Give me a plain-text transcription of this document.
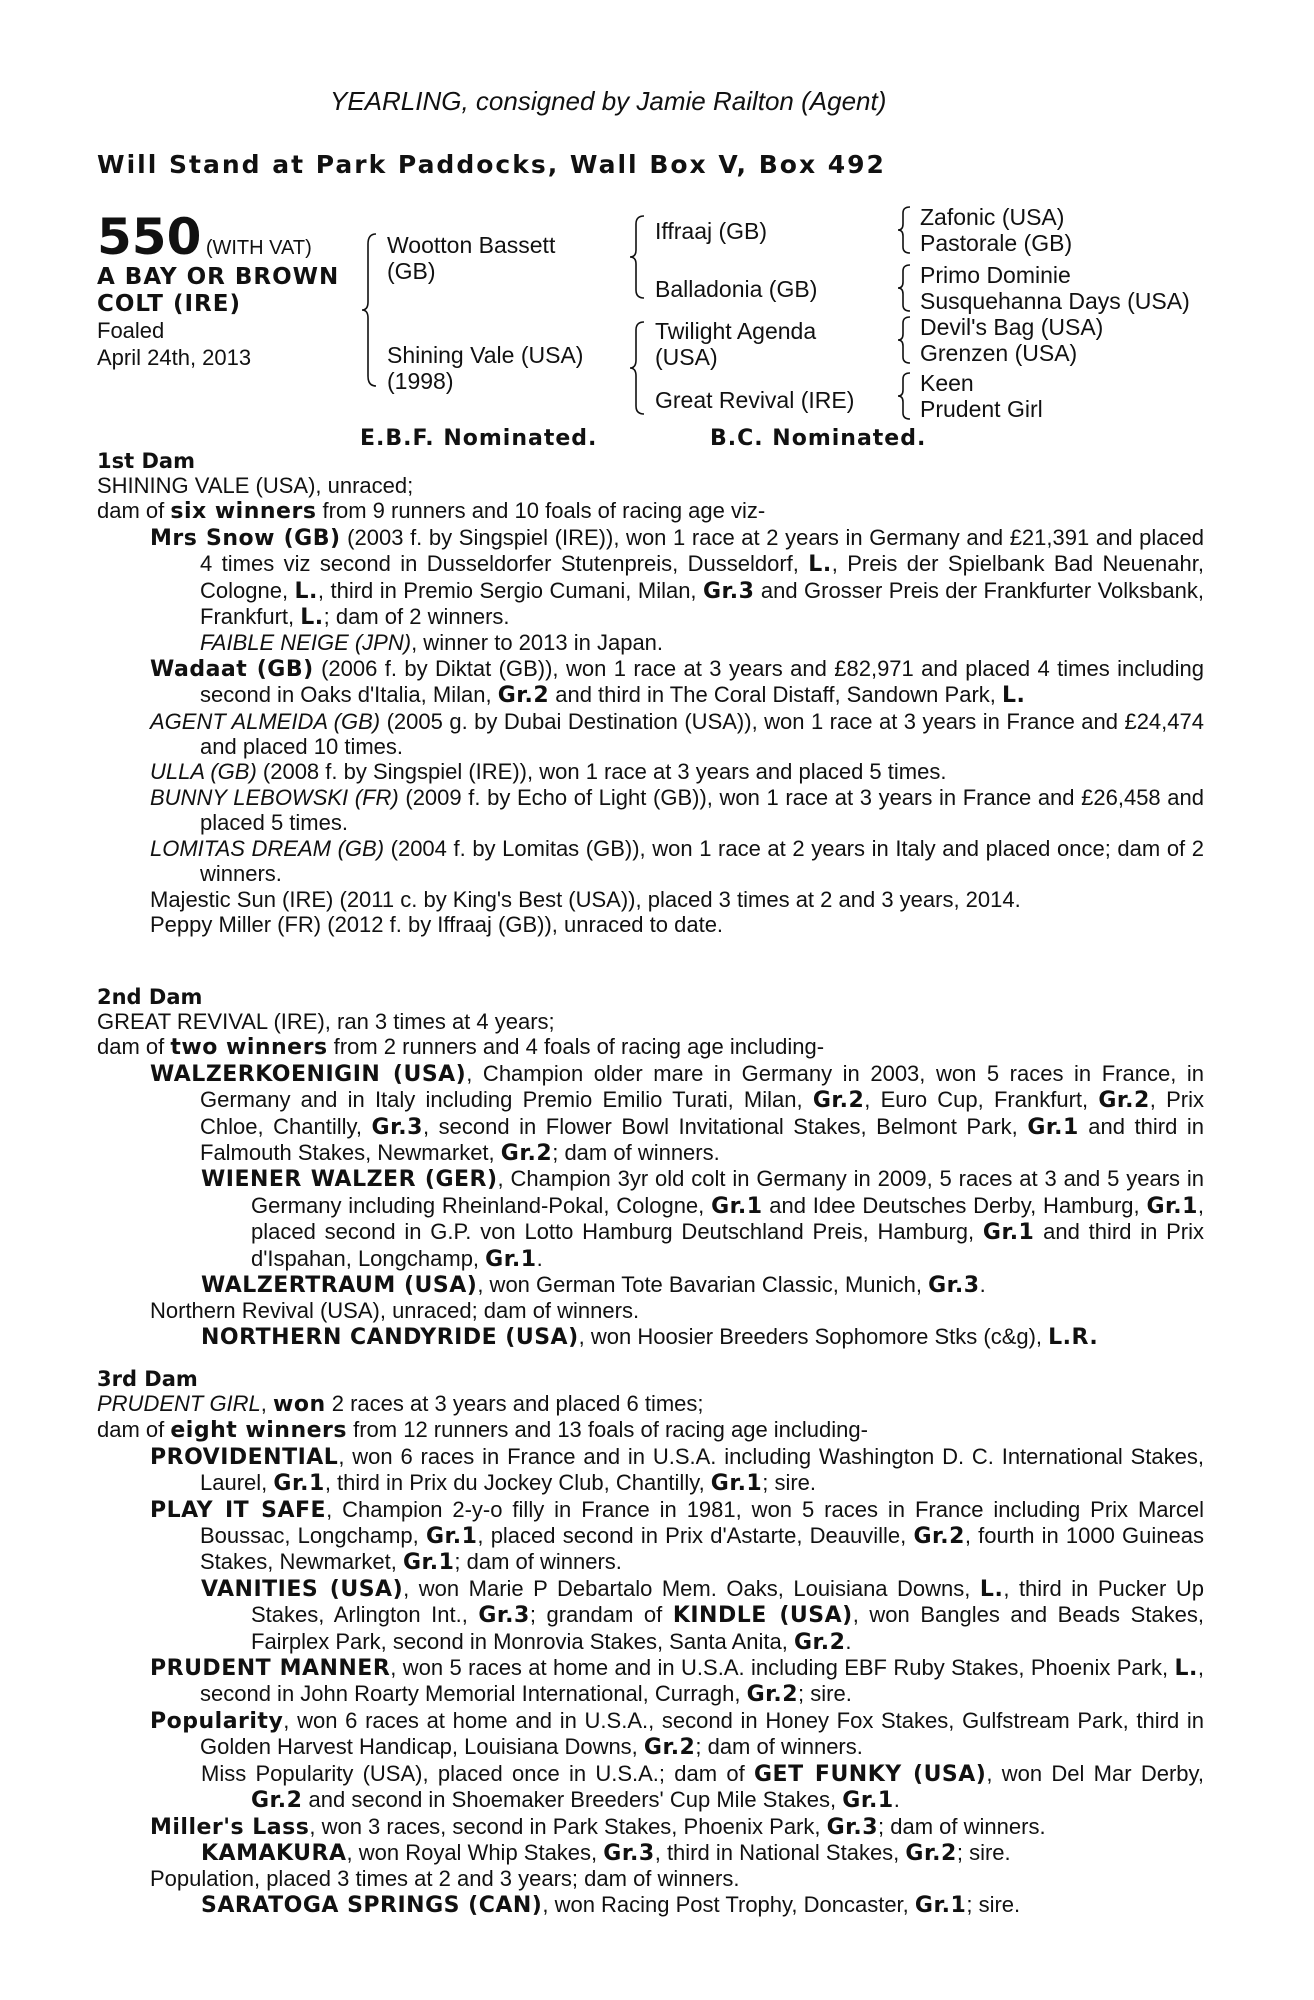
YEARLING, consigned by Jamie Railton (Agent)
Will Stand at Park Paddocks, Wall Box V, Box 492
550 (WITH VAT)
A BAY OR BROWN
COLT (IRE)
Foaled
April 24th, 2013
Wootton Bassett
(GB)
Shining Vale (USA)
(1998)
Iffraaj (GB)
Balladonia (GB)
Twilight Agenda
(USA)
Great Revival (IRE)
Zafonic (USA)
Pastorale (GB)
Primo Dominie
Susquehanna Days (USA)
Devil's Bag (USA)
Grenzen (USA)
Keen
Prudent Girl
E.B.F. Nominated.	B.C. Nominated.
1st Dam
SHINING VALE (USA), unraced;
dam of six winners from 9 runners and 10 foals of racing age viz-
Mrs Snow (GB) (2003 f. by Singspiel (IRE)), won 1 race at 2 years in Germany and £21,391 and placed 4 times viz second in Dusseldorfer Stutenpreis, Dusseldorf, L., Preis der Spielbank Bad Neuenahr, Cologne, L., third in Premio Sergio Cumani, Milan, Gr.3 and Grosser Preis der Frankfurter Volksbank, Frankfurt, L.; dam of 2 winners.
FAIBLE NEIGE (JPN), winner to 2013 in Japan.
Wadaat (GB) (2006 f. by Diktat (GB)), won 1 race at 3 years and £82,971 and placed 4 times including second in Oaks d'Italia, Milan, Gr.2 and third in The Coral Distaff, Sandown Park, L.
AGENT ALMEIDA (GB) (2005 g. by Dubai Destination (USA)), won 1 race at 3 years in France and £24,474 and placed 10 times.
ULLA (GB) (2008 f. by Singspiel (IRE)), won 1 race at 3 years and placed 5 times.
BUNNY LEBOWSKI (FR) (2009 f. by Echo of Light (GB)), won 1 race at 3 years in France and £26,458 and placed 5 times.
LOMITAS DREAM (GB) (2004 f. by Lomitas (GB)), won 1 race at 2 years in Italy and placed once; dam of 2 winners.
Majestic Sun (IRE) (2011 c. by King's Best (USA)), placed 3 times at 2 and 3 years, 2014.
Peppy Miller (FR) (2012 f. by Iffraaj (GB)), unraced to date.
2nd Dam
GREAT REVIVAL (IRE), ran 3 times at 4 years;
dam of two winners from 2 runners and 4 foals of racing age including-
WALZERKOENIGIN (USA), Champion older mare in Germany in 2003, won 5 races in France, in Germany and in Italy including Premio Emilio Turati, Milan, Gr.2, Euro Cup, Frankfurt, Gr.2, Prix Chloe, Chantilly, Gr.3, second in Flower Bowl Invitational Stakes, Belmont Park, Gr.1 and third in Falmouth Stakes, Newmarket, Gr.2; dam of winners.
WIENER WALZER (GER), Champion 3yr old colt in Germany in 2009, 5 races at 3 and 5 years in Germany including Rheinland-Pokal, Cologne, Gr.1 and Idee Deutsches Derby, Hamburg, Gr.1, placed second in G.P. von Lotto Hamburg Deutschland Preis, Hamburg, Gr.1 and third in Prix d'Ispahan, Longchamp, Gr.1.
WALZERTRAUM (USA), won German Tote Bavarian Classic, Munich, Gr.3.
Northern Revival (USA), unraced; dam of winners.
NORTHERN CANDYRIDE (USA), won Hoosier Breeders Sophomore Stks (c&g), L.R.
3rd Dam
PRUDENT GIRL, won 2 races at 3 years and placed 6 times;
dam of eight winners from 12 runners and 13 foals of racing age including-
PROVIDENTIAL, won 6 races in France and in U.S.A. including Washington D. C. International Stakes, Laurel, Gr.1, third in Prix du Jockey Club, Chantilly, Gr.1; sire.
PLAY IT SAFE, Champion 2-y-o filly in France in 1981, won 5 races in France including Prix Marcel Boussac, Longchamp, Gr.1, placed second in Prix d'Astarte, Deauville, Gr.2, fourth in 1000 Guineas Stakes, Newmarket, Gr.1; dam of winners.
VANITIES (USA), won Marie P Debartalo Mem. Oaks, Louisiana Downs, L., third in Pucker Up Stakes, Arlington Int., Gr.3; grandam of KINDLE (USA), won Bangles and Beads Stakes, Fairplex Park, second in Monrovia Stakes, Santa Anita, Gr.2.
PRUDENT MANNER, won 5 races at home and in U.S.A. including EBF Ruby Stakes, Phoenix Park, L., second in John Roarty Memorial International, Curragh, Gr.2; sire.
Popularity, won 6 races at home and in U.S.A., second in Honey Fox Stakes, Gulfstream Park, third in Golden Harvest Handicap, Louisiana Downs, Gr.2; dam of winners.
Miss Popularity (USA), placed once in U.S.A.; dam of GET FUNKY (USA), won Del Mar Derby, Gr.2 and second in Shoemaker Breeders' Cup Mile Stakes, Gr.1.
Miller's Lass, won 3 races, second in Park Stakes, Phoenix Park, Gr.3; dam of winners.
KAMAKURA, won Royal Whip Stakes, Gr.3, third in National Stakes, Gr.2; sire.
Population, placed 3 times at 2 and 3 years; dam of winners.
SARATOGA SPRINGS (CAN), won Racing Post Trophy, Doncaster, Gr.1; sire.
